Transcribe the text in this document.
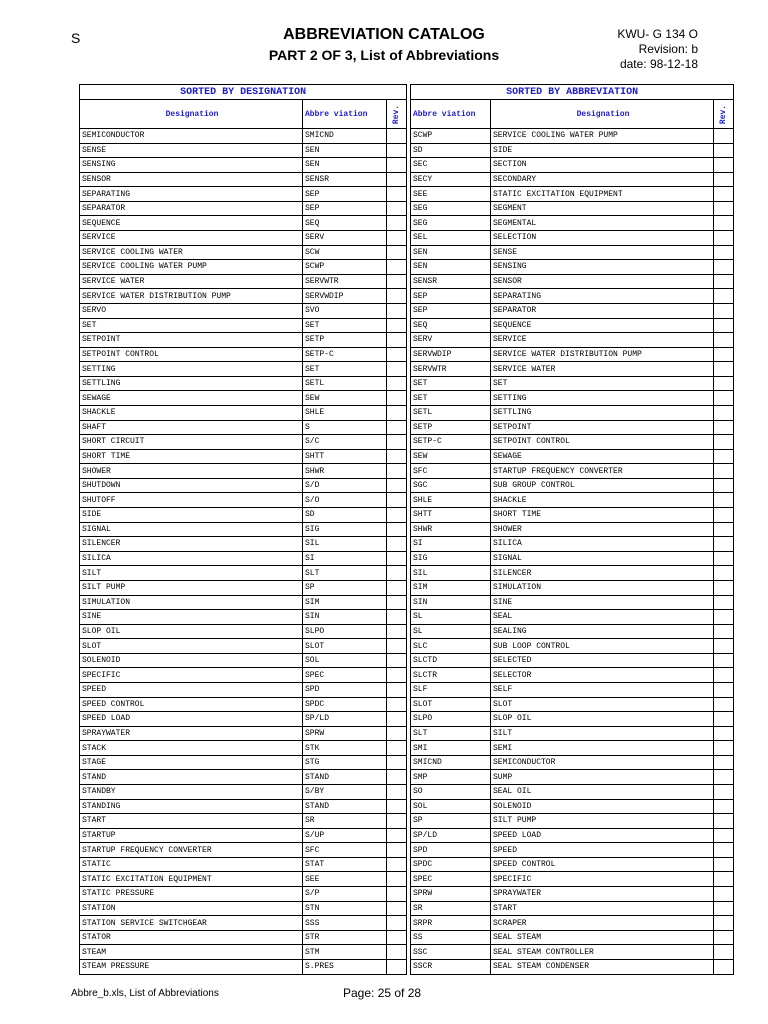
S	ABBREVIATION CATALOG
PART 2 OF 3, List of Abbreviations
KWU- G 134 O
Revision: b
date: 98-12-18
SORTED BY DESIGNATION		
Designation	Abbre viation	Rev.
SEMICONDUCTOR	SMICND	
SENSE	SEN	
SENSING	SEN	
SENSOR	SENSR	
SEPARATING	SEP	
SEPARATOR	SEP	
SEQUENCE	SEQ	
SERVICE	SERV	
SERVICE COOLING WATER	SCW	
SERVICE COOLING WATER PUMP	SCWP	
SERVICE WATER	SERVWTR	
SERVICE WATER DISTRIBUTION PUMP	SERVWDIP	
SERVO	SVO	
SET	SET	
SETPOINT	SETP	
SETPOINT CONTROL	SETP-C	
SETTING	SET	
SETTLING	SETL	
SEWAGE	SEW	
SHACKLE	SHLE	
SHAFT	S	
SHORT CIRCUIT	S/C	
SHORT TIME	SHTT	
SHOWER	SHWR	
SHUTDOWN	S/D	
SHUTOFF	S/O	
SIDE	SD	
SIGNAL	SIG	
SILENCER	SIL	
SILICA	SI	
SILT	SLT	
SILT PUMP	SP	
SIMULATION	SIM	
SINE	SIN	
SLOP OIL	SLPO	
SLOT	SLOT	
SOLENOID	SOL	
SPECIFIC	SPEC	
SPEED	SPD	
SPEED CONTROL	SPDC	
SPEED LOAD	SP/LD	
SPRAYWATER	SPRW	
STACK	STK	
STAGE	STG	
STAND	STAND	
STANDBY	S/BY	
STANDING	STAND	
START	SR	
STARTUP	S/UP	
STARTUP FREQUENCY CONVERTER	SFC	
STATIC	STAT	
STATIC EXCITATION EQUIPMENT	SEE	
STATIC PRESSURE	S/P	
STATION	STN	
STATION SERVICE SWITCHGEAR	SSS	
STATOR	STR	
STEAM	STM	
STEAM PRESSURE	S.PRES	
SORTED BY ABBREVIATION		
Abbre viation	Designation	Rev.
SCWP	SERVICE COOLING WATER PUMP	
SD	SIDE	
SEC	SECTION	
SECY	SECONDARY	
SEE	STATIC EXCITATION EQUIPMENT	
SEG	SEGMENT	
SEG	SEGMENTAL	
SEL	SELECTION	
SEN	SENSE	
SEN	SENSING	
SENSR	SENSOR	
SEP	SEPARATING	
SEP	SEPARATOR	
SEQ	SEQUENCE	
SERV	SERVICE	
SERVWDIP	SERVICE WATER DISTRIBUTION PUMP	
SERVWTR	SERVICE WATER	
SET	SET	
SET	SETTING	
SETL	SETTLING	
SETP	SETPOINT	
SETP-C	SETPOINT CONTROL	
SEW	SEWAGE	
SFC	STARTUP FREQUENCY CONVERTER	
SGC	SUB GROUP CONTROL	
SHLE	SHACKLE	
SHTT	SHORT TIME	
SHWR	SHOWER	
SI	SILICA	
SIG	SIGNAL	
SIL	SILENCER	
SIM	SIMULATION	
SIN	SINE	
SL	SEAL	
SL	SEALING	
SLC	SUB LOOP CONTROL	
SLCTD	SELECTED	
SLCTR	SELECTOR	
SLF	SELF	
SLOT	SLOT	
SLPO	SLOP OIL	
SLT	SILT	
SMI	SEMI	
SMICND	SEMICONDUCTOR	
SMP	SUMP	
SO	SEAL OIL	
SOL	SOLENOID	
SP	SILT PUMP	
SP/LD	SPEED LOAD	
SPD	SPEED	
SPDC	SPEED CONTROL	
SPEC	SPECIFIC	
SPRW	SPRAYWATER	
SR	START	
SRPR	SCRAPER	
SS	SEAL STEAM	
SSC	SEAL STEAM CONTROLLER	
SSCR	SEAL STEAM CONDENSER	
Abbre_b.xls, List of Abbreviations	Page: 25 of 28
